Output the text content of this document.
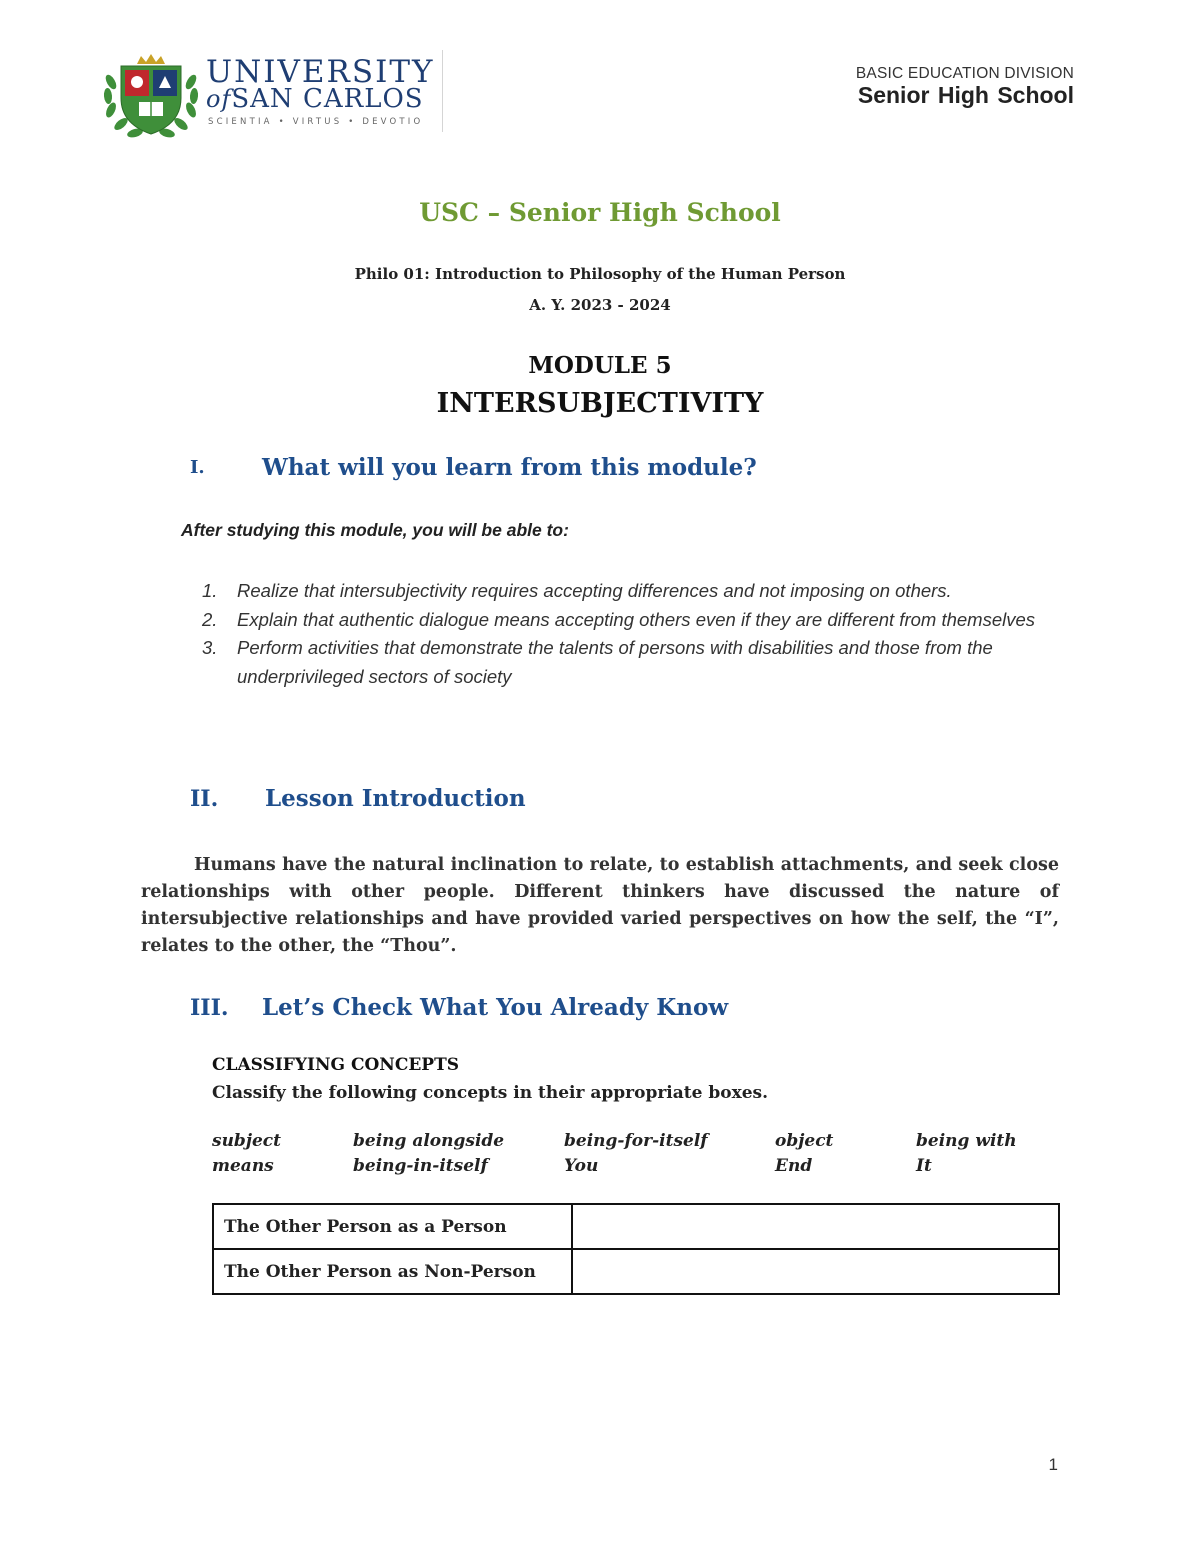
UNIVERSITY
ofSAN CARLOS
SCIENTIA • VIRTUS • DEVOTIO
BASIC EDUCATION DIVISION
Senior High School
USC – Senior High School
Philo 01: Introduction to Philosophy of the Human Person
A. Y. 2023 - 2024
MODULE 5
INTERSUBJECTIVITY
I. What will you learn from this module?
After studying this module, you will be able to:
1. Realize that intersubjectivity requires accepting differences and not imposing on others.
2. Explain that authentic dialogue means accepting others even if they are different from themselves
3. Perform activities that demonstrate the talents of persons with disabilities and those from the underprivileged sectors of society
II. Lesson Introduction
Humans have the natural inclination to relate, to establish attachments, and seek close relationships with other people. Different thinkers have discussed the nature of intersubjective relationships and have provided varied perspectives on how the self, the “I”, relates to the other, the “Thou”.
III. Let’s Check What You Already Know
CLASSIFYING CONCEPTS
Classify the following concepts in their appropriate boxes.
subject	being alongside	being-for-itself	object	being with
means	being-in-itself	You	End	It
The Other Person as a Person	
The Other Person as Non-Person	
1
